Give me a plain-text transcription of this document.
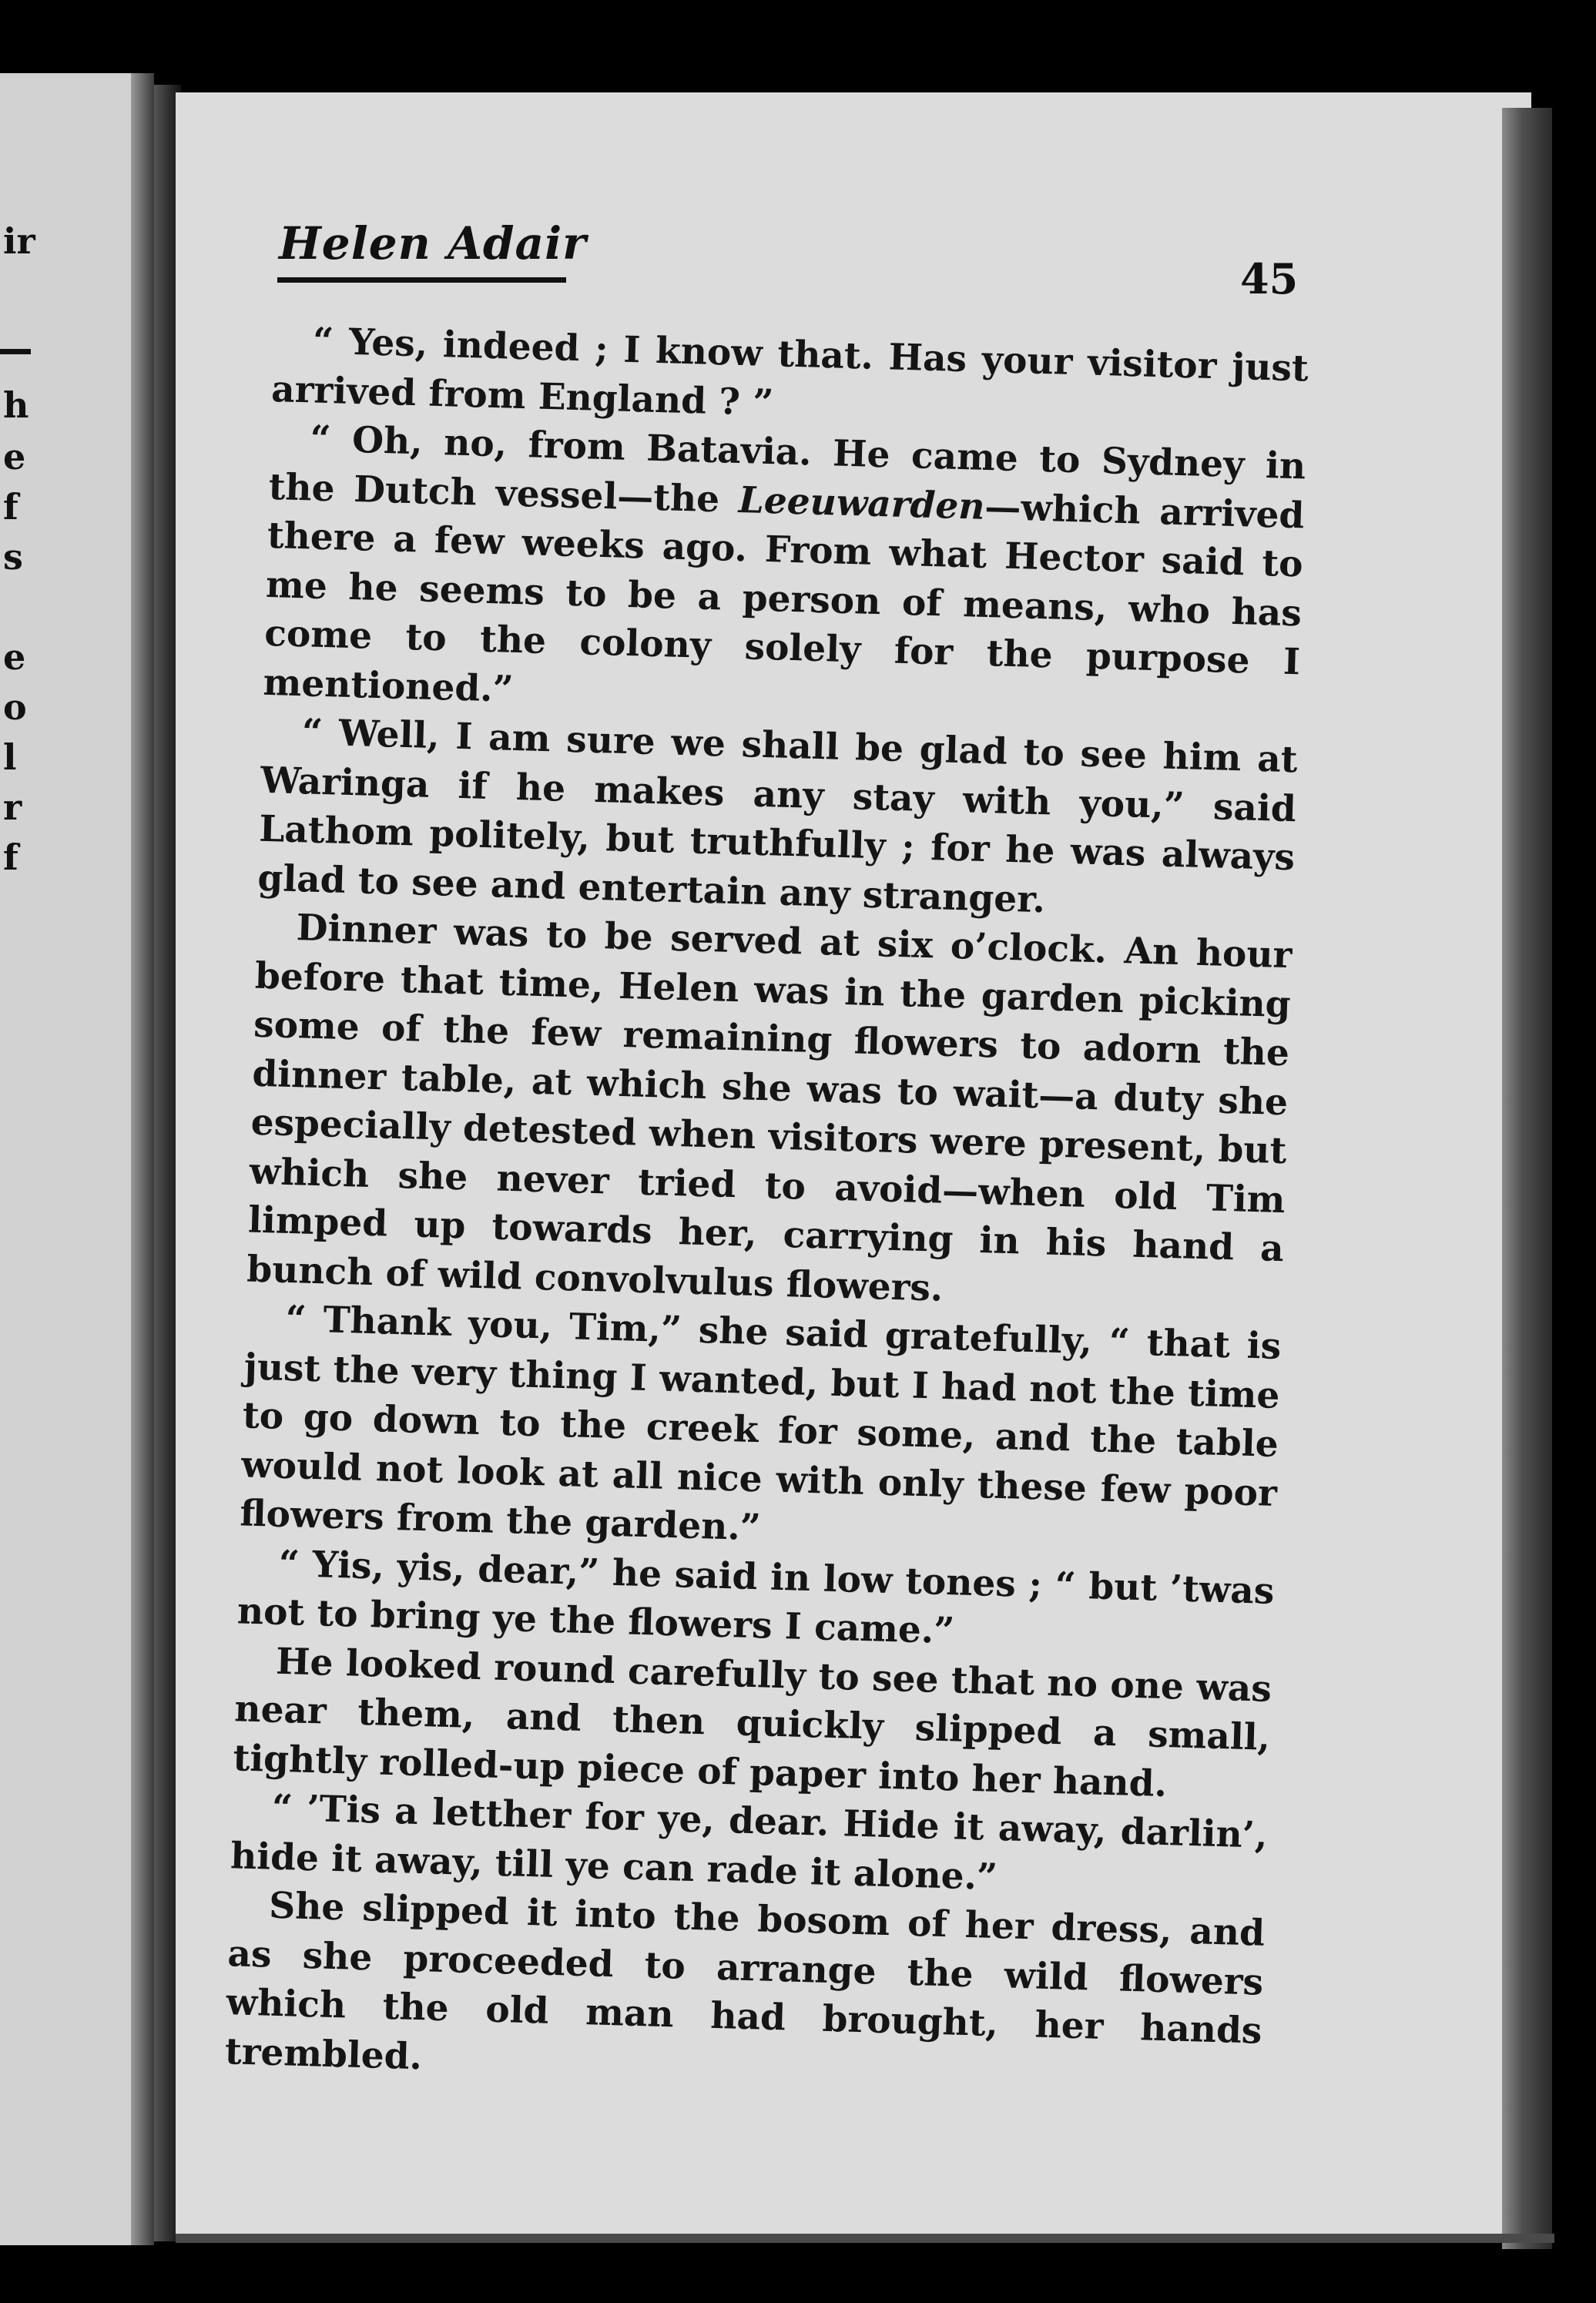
ir
h
e
f
s
e
o
l
r
f
Helen Adair
45

“ Yes, indeed ; I know that. Has your visitor just arrived from England ? ”

“ Oh, no, from Batavia. He came to Sydney in the Dutch vessel—the Leeuwarden—which arrived there a few weeks ago. From what Hector said to me he seems to be a person of means, who has come to the colony solely for the purpose I mentioned.”

“ Well, I am sure we shall be glad to see him at Waringa if he makes any stay with you,” said Lathom politely, but truthfully ; for he was always glad to see and entertain any stranger.

Dinner was to be served at six o’clock. An hour before that time, Helen was in the garden picking some of the few remaining flowers to adorn the dinner table, at which she was to wait—a duty she especially detested when visitors were present, but which she never tried to avoid—when old Tim limped up towards her, carrying in his hand a bunch of wild convolvulus flowers.

“ Thank you, Tim,” she said gratefully, “ that is just the very thing I wanted, but I had not the time to go down to the creek for some, and the table would not look at all nice with only these few poor flowers from the garden.”

“ Yis, yis, dear,” he said in low tones ; “ but ’twas not to bring ye the flowers I came.”

He looked round carefully to see that no one was near them, and then quickly slipped a small, tightly rolled-up piece of paper into her hand.

“ ’Tis a letther for ye, dear. Hide it away, darlin’, hide it away, till ye can rade it alone.”

She slipped it into the bosom of her dress, and as she proceeded to arrange the wild flowers which the old man had brought, her hands trembled.
